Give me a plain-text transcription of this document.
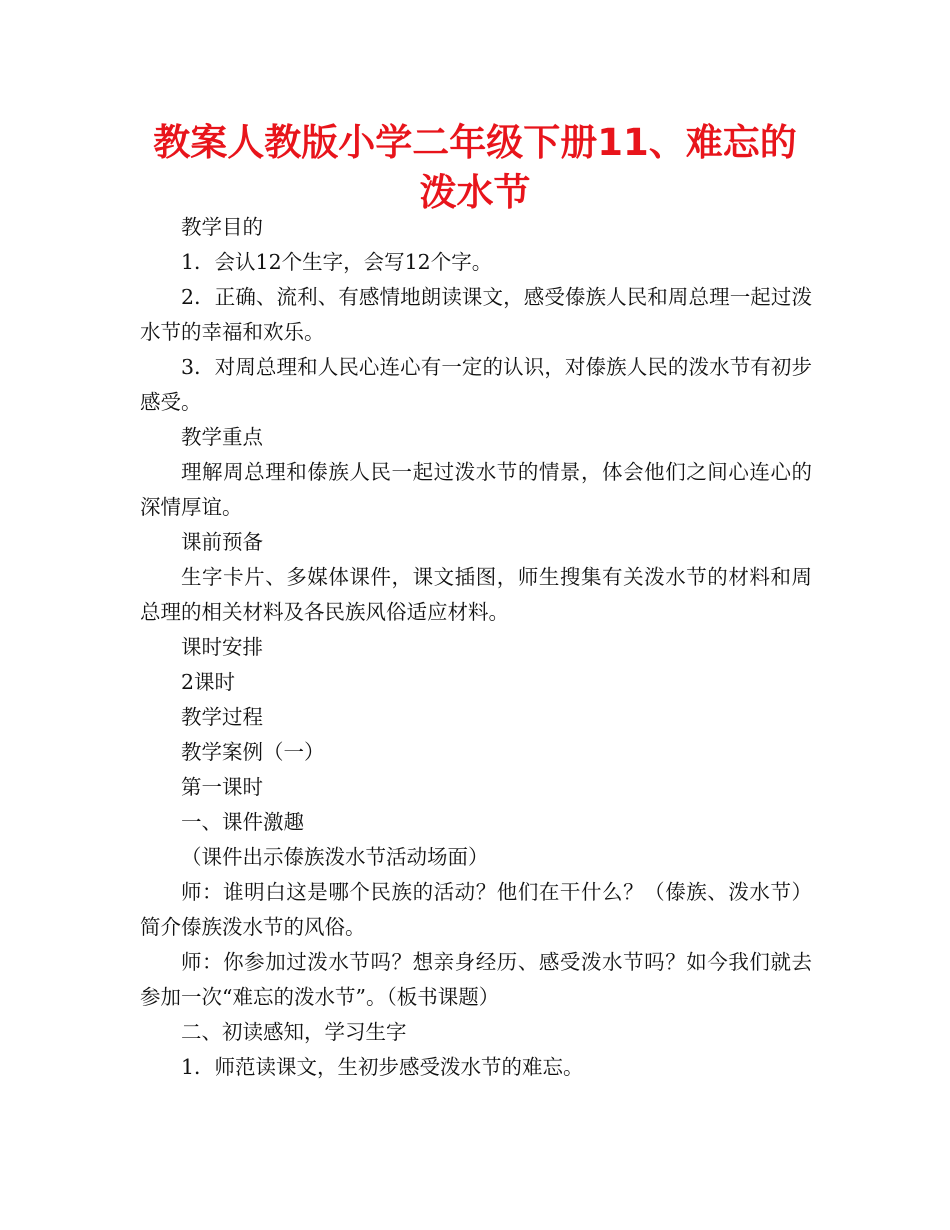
教案人教版小学二年级下册11、难忘的泼水节

教学目的

1．会认12个生字，会写12个字。

2．正确、流利、有感情地朗读课文，感受傣族人民和周总理一起过泼水节的幸福和欢乐。

3．对周总理和人民心连心有一定的认识，对傣族人民的泼水节有初步感受。

教学重点

理解周总理和傣族人民一起过泼水节的情景，体会他们之间心连心的深情厚谊。

课前预备

生字卡片、多媒体课件，课文插图，师生搜集有关泼水节的材料和周总理的相关材料及各民族风俗适应材料。

课时安排

2课时

教学过程

教学案例（一）

第一课时

一、课件激趣

（课件出示傣族泼水节活动场面）

师：谁明白这是哪个民族的活动？他们在干什么？（傣族、泼水节）简介傣族泼水节的风俗。

师：你参加过泼水节吗？想亲身经历、感受泼水节吗？如今我们就去参加一次“难忘的泼水节”。（板书课题）

二、初读感知，学习生字

1．师范读课文，生初步感受泼水节的难忘。
